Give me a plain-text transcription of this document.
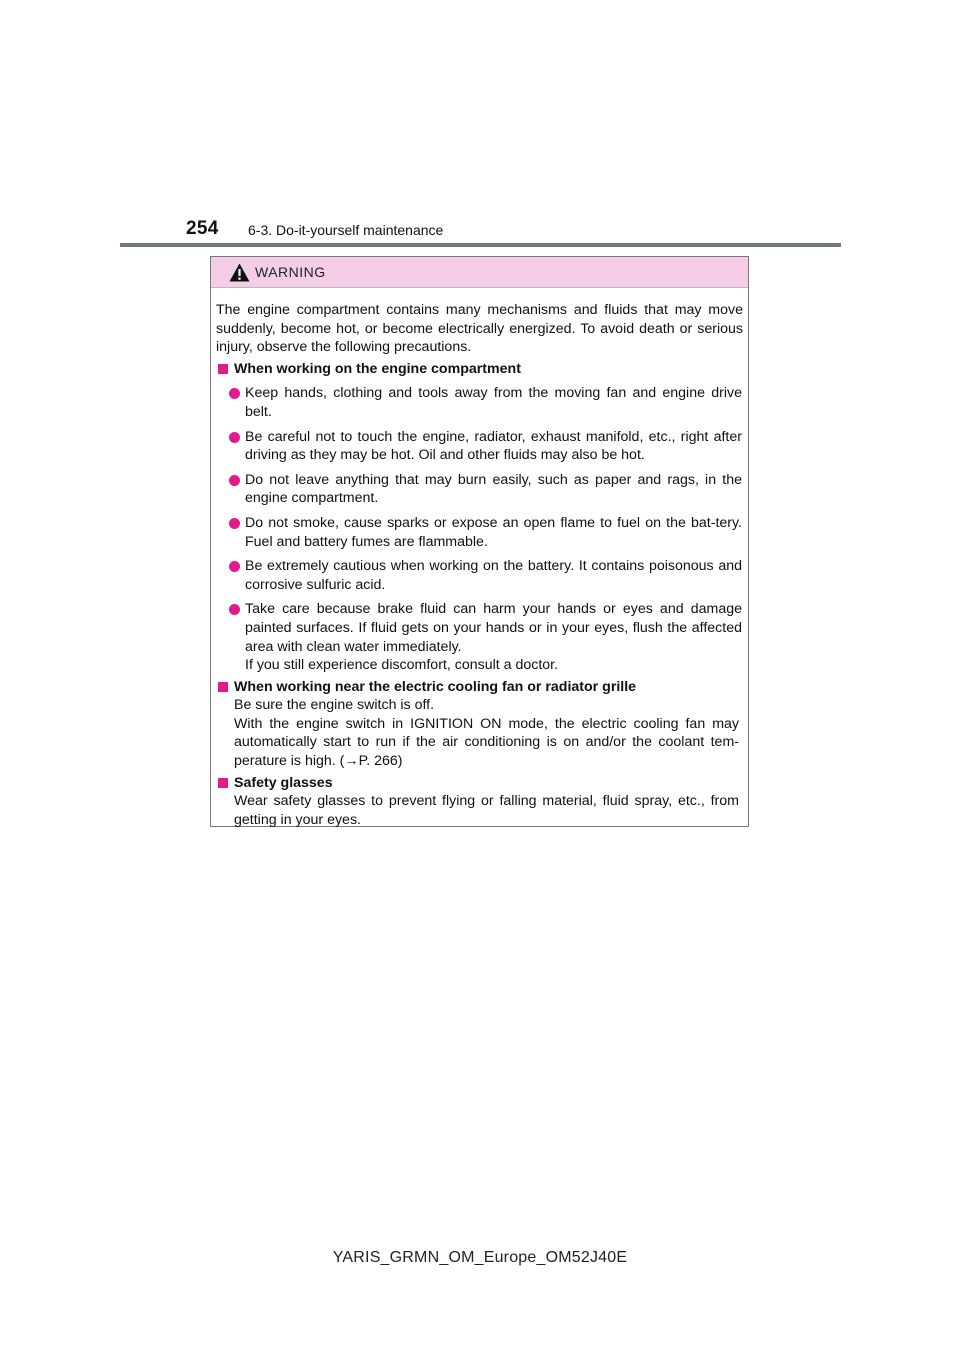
254 6-3. Do-it-yourself maintenance
WARNING

The engine compartment contains many mechanisms and fluids that may move suddenly, become hot, or become electrically energized. To avoid death or serious injury, observe the following precautions.

When working on the engine compartment
Keep hands, clothing and tools away from the moving fan and engine drive belt.
Be careful not to touch the engine, radiator, exhaust manifold, etc., right after driving as they may be hot. Oil and other fluids may also be hot.
Do not leave anything that may burn easily, such as paper and rags, in the engine compartment.
Do not smoke, cause sparks or expose an open flame to fuel on the bat-tery. Fuel and battery fumes are flammable.
Be extremely cautious when working on the battery. It contains poisonous and corrosive sulfuric acid.
Take care because brake fluid can harm your hands or eyes and damage painted surfaces. If fluid gets on your hands or in your eyes, flush the affected area with clean water immediately.
If you still experience discomfort, consult a doctor.
When working near the electric cooling fan or radiator grille
Be sure the engine switch is off.
With the engine switch in IGNITION ON mode, the electric cooling fan may automatically start to run if the air conditioning is on and/or the coolant tem-perature is high. (→P. 266)
Safety glasses
Wear safety glasses to prevent flying or falling material, fluid spray, etc., from getting in your eyes.
YARIS_GRMN_OM_Europe_OM52J40E
